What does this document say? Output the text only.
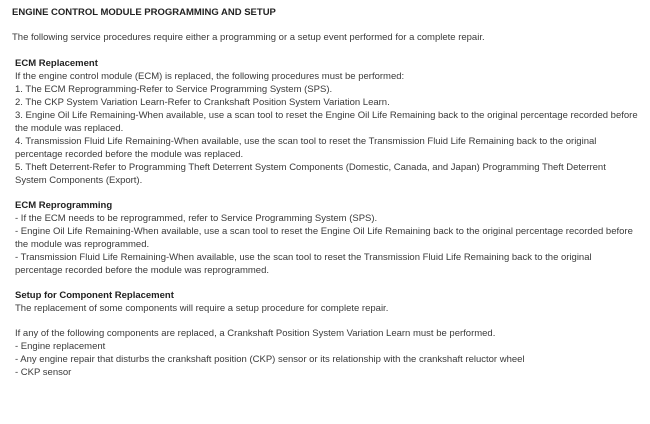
ENGINE CONTROL MODULE PROGRAMMING AND SETUP
The following service procedures require either a programming or a setup event performed for a complete repair.
ECM Replacement
If the engine control module (ECM) is replaced, the following procedures must be performed:
1. The ECM Reprogramming-Refer to Service Programming System (SPS).
2. The CKP System Variation Learn-Refer to Crankshaft Position System Variation Learn.
3. Engine Oil Life Remaining-When available, use a scan tool to reset the Engine Oil Life Remaining back to the original percentage recorded before the module was replaced.
4. Transmission Fluid Life Remaining-When available, use the scan tool to reset the Transmission Fluid Life Remaining back to the original percentage recorded before the module was replaced.
5. Theft Deterrent-Refer to Programming Theft Deterrent System Components (Domestic, Canada, and Japan) Programming Theft Deterrent System Components (Export).
ECM Reprogramming
- If the ECM needs to be reprogrammed, refer to Service Programming System (SPS).
- Engine Oil Life Remaining-When available, use a scan tool to reset the Engine Oil Life Remaining back to the original percentage recorded before the module was reprogrammed.
- Transmission Fluid Life Remaining-When available, use the scan tool to reset the Transmission Fluid Life Remaining back to the original percentage recorded before the module was reprogrammed.
Setup for Component Replacement
The replacement of some components will require a setup procedure for complete repair.
If any of the following components are replaced, a Crankshaft Position System Variation Learn must be performed.
- Engine replacement
- Any engine repair that disturbs the crankshaft position (CKP) sensor or its relationship with the crankshaft reluctor wheel
- CKP sensor
